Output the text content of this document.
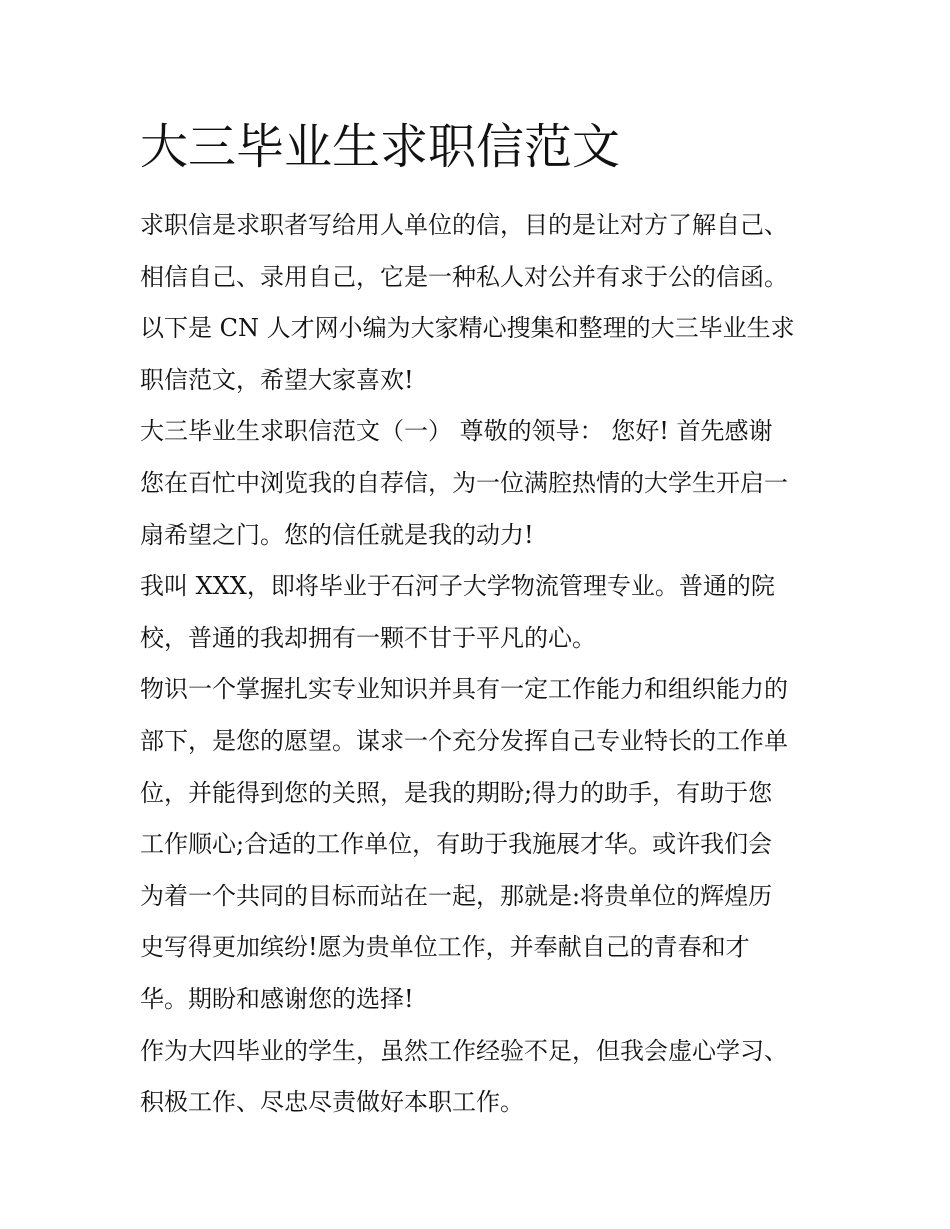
大三毕业生求职信范文
求职信是求职者写给用人单位的信，目的是让对方了解自己、
相信自己、录用自己，它是一种私人对公并有求于公的信函。
以下是 CN 人才网小编为大家精心搜集和整理的大三毕业生求
职信范文，希望大家喜欢!
大三毕业生求职信范文（一） 尊敬的领导： 您好! 首先感谢
您在百忙中浏览我的自荐信，为一位满腔热情的大学生开启一
扇希望之门。您的信任就是我的动力!
我叫 XXX，即将毕业于石河子大学物流管理专业。普通的院
校，普通的我却拥有一颗不甘于平凡的心。
物识一个掌握扎实专业知识并具有一定工作能力和组织能力的
部下，是您的愿望。谋求一个充分发挥自己专业特长的工作单
位，并能得到您的关照，是我的期盼;得力的助手，有助于您
工作顺心;合适的工作单位，有助于我施展才华。或许我们会
为着一个共同的目标而站在一起，那就是:将贵单位的辉煌历
史写得更加缤纷!愿为贵单位工作，并奉献自己的青春和才
华。期盼和感谢您的选择!
作为大四毕业的学生，虽然工作经验不足，但我会虚心学习、
积极工作、尽忠尽责做好本职工作。
